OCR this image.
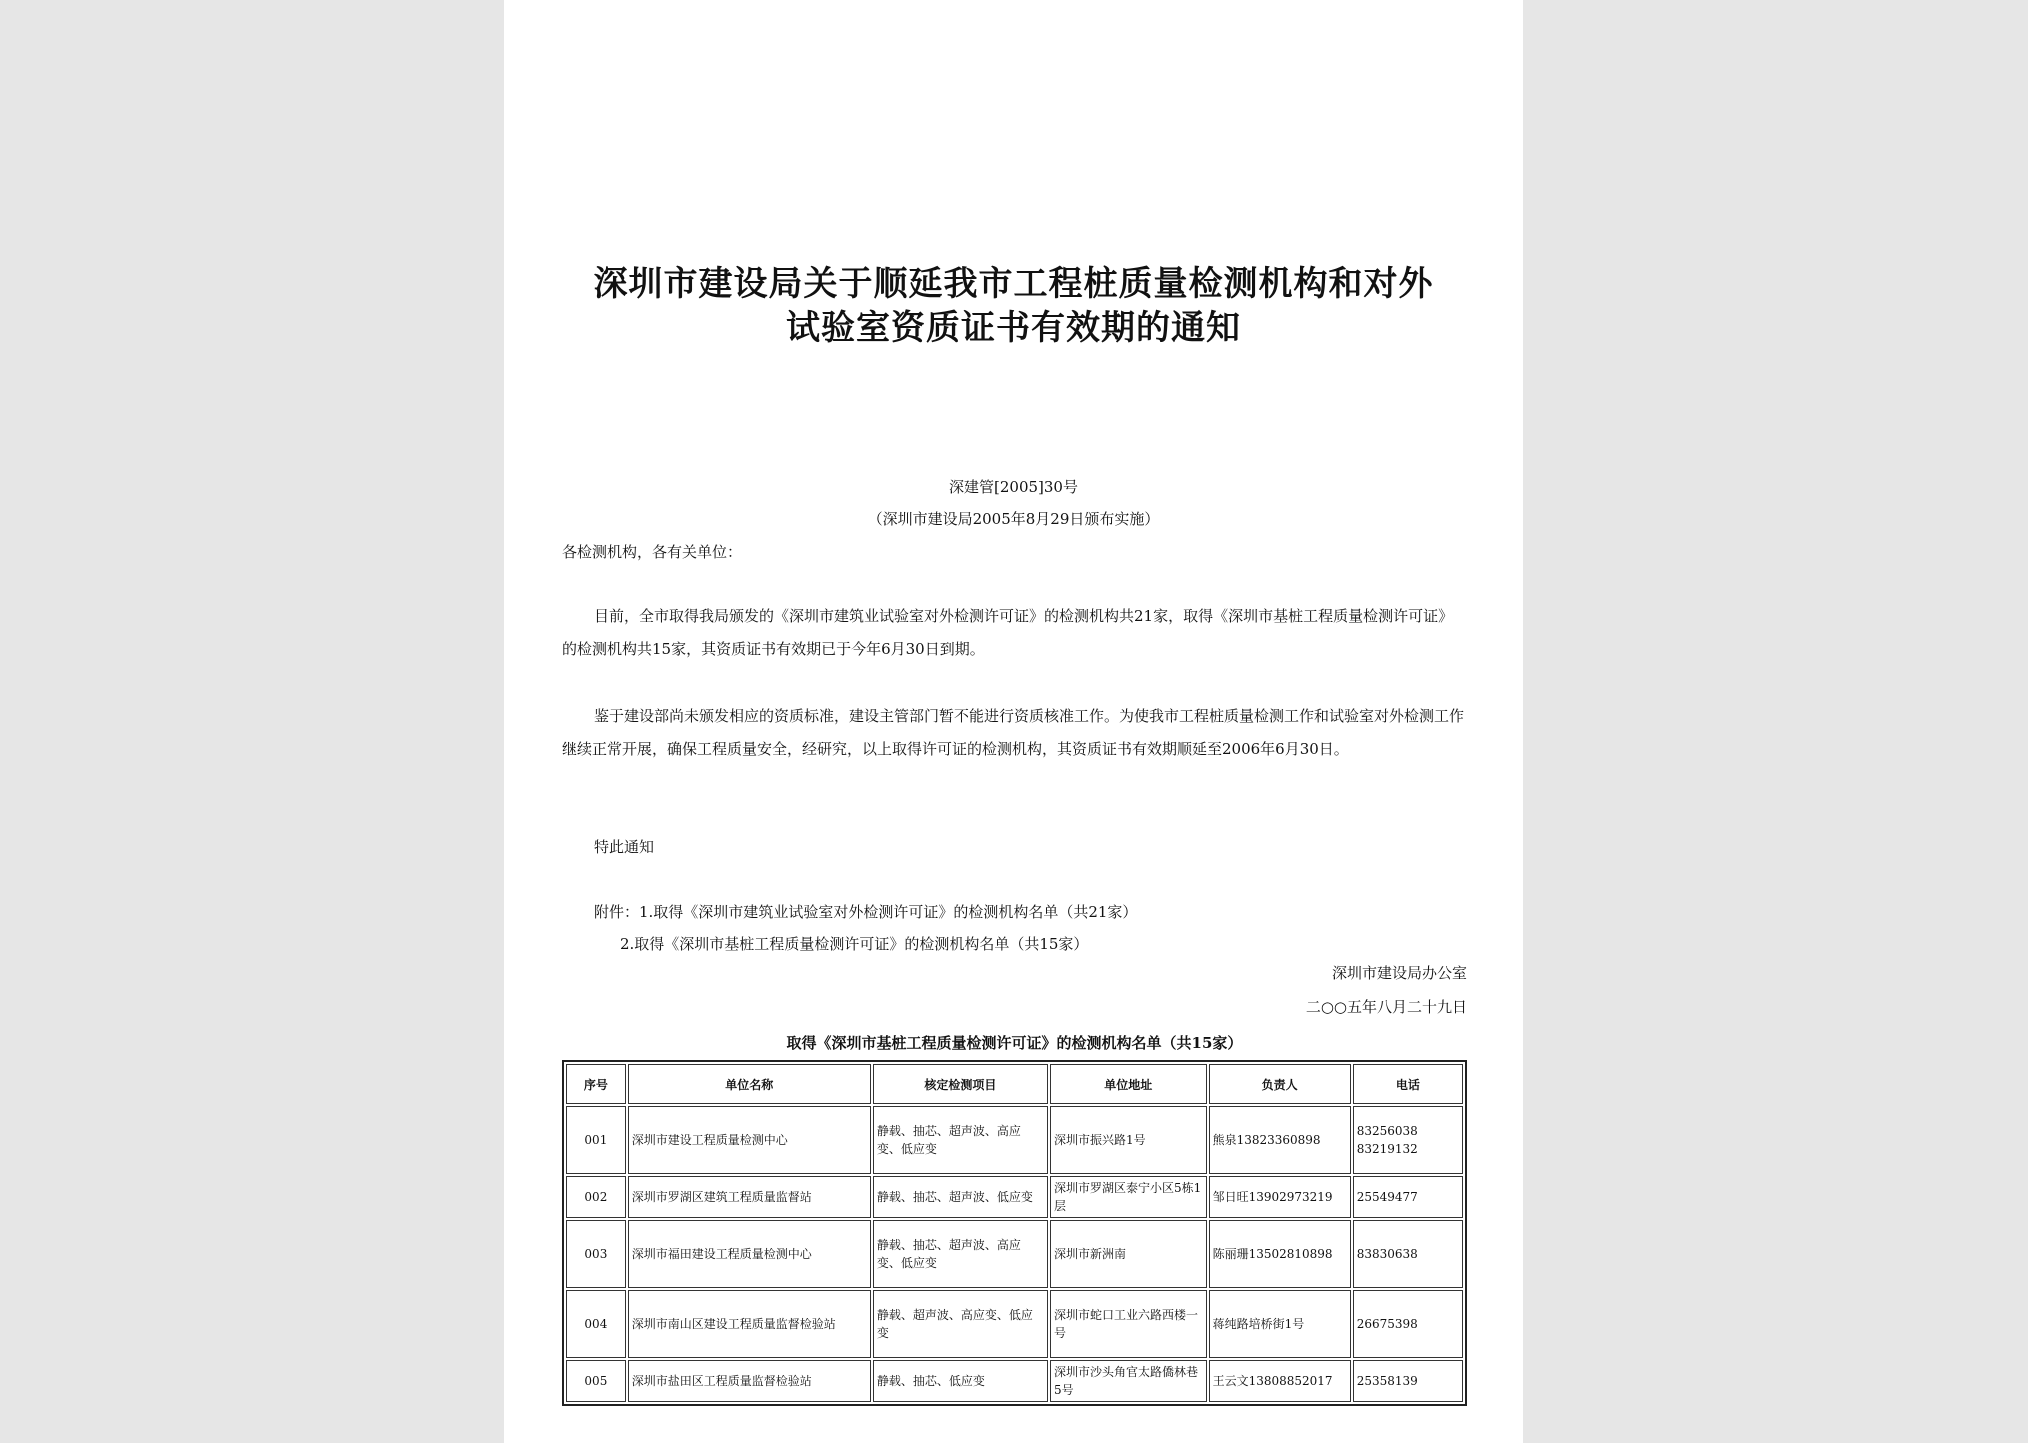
深圳市建设局关于顺延我市工程桩质量检测机构和对外
试验室资质证书有效期的通知
深建管[2005]30号
（深圳市建设局2005年8月29日颁布实施）
各检测机构，各有关单位：
目前，全市取得我局颁发的《深圳市建筑业试验室对外检测许可证》的检测机构共21家，取得《深圳市基桩工程质量检测许可证》的检测机构共15家，其资质证书有效期已于今年6月30日到期。
鉴于建设部尚未颁发相应的资质标准，建设主管部门暂不能进行资质核准工作。为使我市工程桩质量检测工作和试验室对外检测工作继续正常开展，确保工程质量安全，经研究，以上取得许可证的检测机构，其资质证书有效期顺延至2006年6月30日。
特此通知
附件：1.取得《深圳市建筑业试验室对外检测许可证》的检测机构名单（共21家）
2.取得《深圳市基桩工程质量检测许可证》的检测机构名单（共15家）
深圳市建设局办公室
二○○五年八月二十九日
取得《深圳市基桩工程质量检测许可证》的检测机构名单（共15家）
序号	单位名称	核定检测项目	单位地址	负责人	电话
001	深圳市建设工程质量检测中心	静载、抽芯、超声波、高应变、低应变	深圳市振兴路1号	熊泉13823360898	83256038 83219132
002	深圳市罗湖区建筑工程质量监督站	静载、抽芯、超声波、低应变	深圳市罗湖区泰宁小区5栋1层	邹日旺13902973219	25549477
003	深圳市福田建设工程质量检测中心	静载、抽芯、超声波、高应变、低应变	深圳市新洲南	陈丽珊13502810898	83830638
004	深圳市南山区建设工程质量监督检验站	静载、超声波、高应变、低应变	深圳市蛇口工业六路西楼一号	蒋纯路培桥街1号	26675398
005	深圳市盐田区工程质量监督检验站	静载、抽芯、低应变	深圳市沙头角官太路僑林巷5号	王云文13808852017	25358139
